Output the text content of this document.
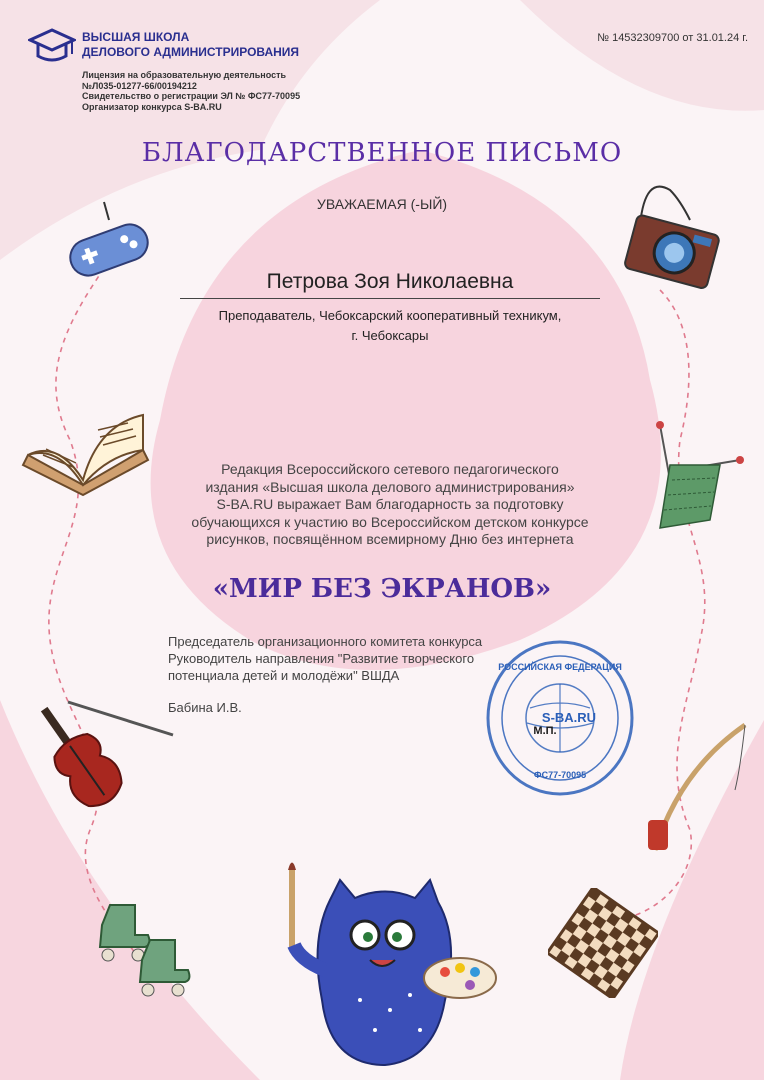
ВЫСШАЯ ШКОЛА
ДЕЛОВОГО АДМИНИСТРИРОВАНИЯ
Лицензия на образовательную деятельность
№Л035-01277-66/00194212
Свидетельство о регистрации ЭЛ № ФС77-70095
Организатор конкурса S-BA.RU
№ 14532309700 от 31.01.24 г.
БЛАГОДАРСТВЕННОЕ ПИСЬМО
УВАЖАЕМАЯ (-ЫЙ)
Петрова Зоя Николаевна
Преподаватель, Чебоксарский кооперативный техникум,
г. Чебоксары
Редакция Всероссийского сетевого педагогического
издания «Высшая школа делового администрирования»
S-BA.RU выражает Вам благодарность за подготовку
обучающихся к участию во Всероссийском детском конкурсе
рисунков, посвящённом всемирному Дню без интернета
«МИР БЕЗ ЭКРАНОВ»
Председатель организационного комитета конкурса
Руководитель направления "Развитие творческого
потенциала детей и молодёжи" ВШДА
Бабина И.В.
РОССИЙСКАЯ ФЕДЕРАЦИЯ
М.П.
S-BA.RU
ФС77-70095
